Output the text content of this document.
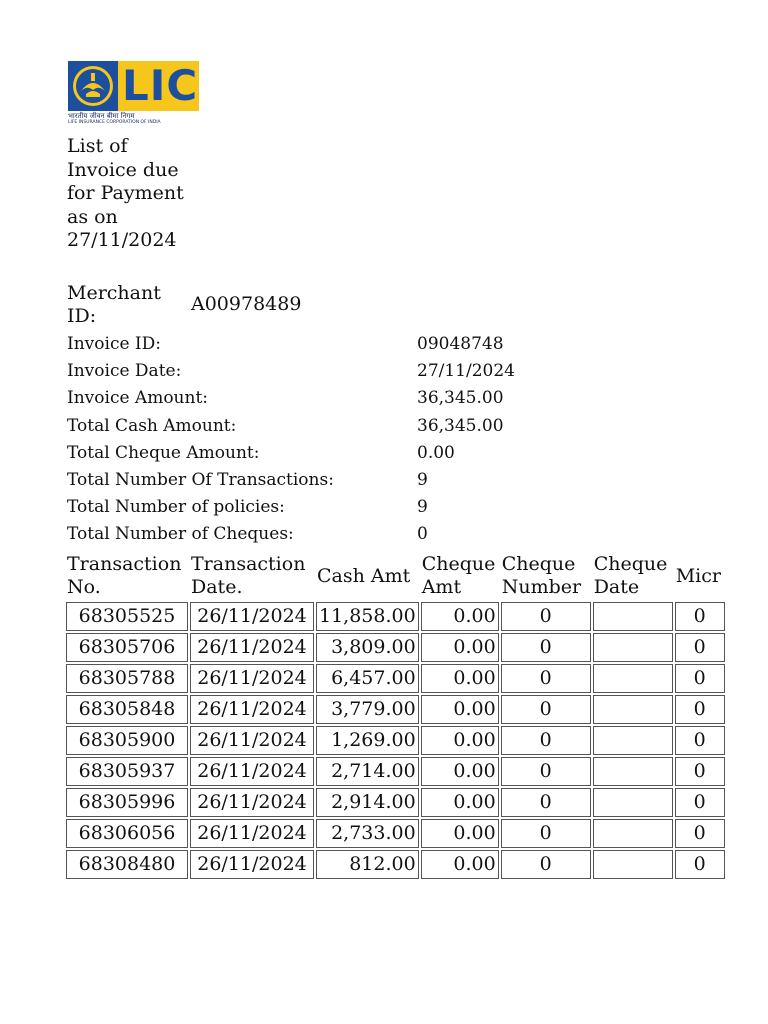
LIC
भारतीय जीवन बीमा निगम
LIFE INSURANCE CORPORATION OF INDIA
List of Invoice due for Payment as on 27/11/2024
Merchant ID:
A00978489
Invoice ID:	09048748
Invoice Date:	27/11/2024
Invoice Amount:	36,345.00
Total Cash Amount:	36,345.00
Total Cheque Amount:	0.00
Total Number Of Transactions:	9
Total Number of policies:	9
Total Number of Cheques:	0
Transaction No.	Transaction Date.	Cash Amt	Cheque Amt	Cheque Number	Cheque Date	Micr
68305525	26/11/2024	11,858.00	0.00	0		0
68305706	26/11/2024	3,809.00	0.00	0		0
68305788	26/11/2024	6,457.00	0.00	0		0
68305848	26/11/2024	3,779.00	0.00	0		0
68305900	26/11/2024	1,269.00	0.00	0		0
68305937	26/11/2024	2,714.00	0.00	0		0
68305996	26/11/2024	2,914.00	0.00	0		0
68306056	26/11/2024	2,733.00	0.00	0		0
68308480	26/11/2024	812.00	0.00	0		0
